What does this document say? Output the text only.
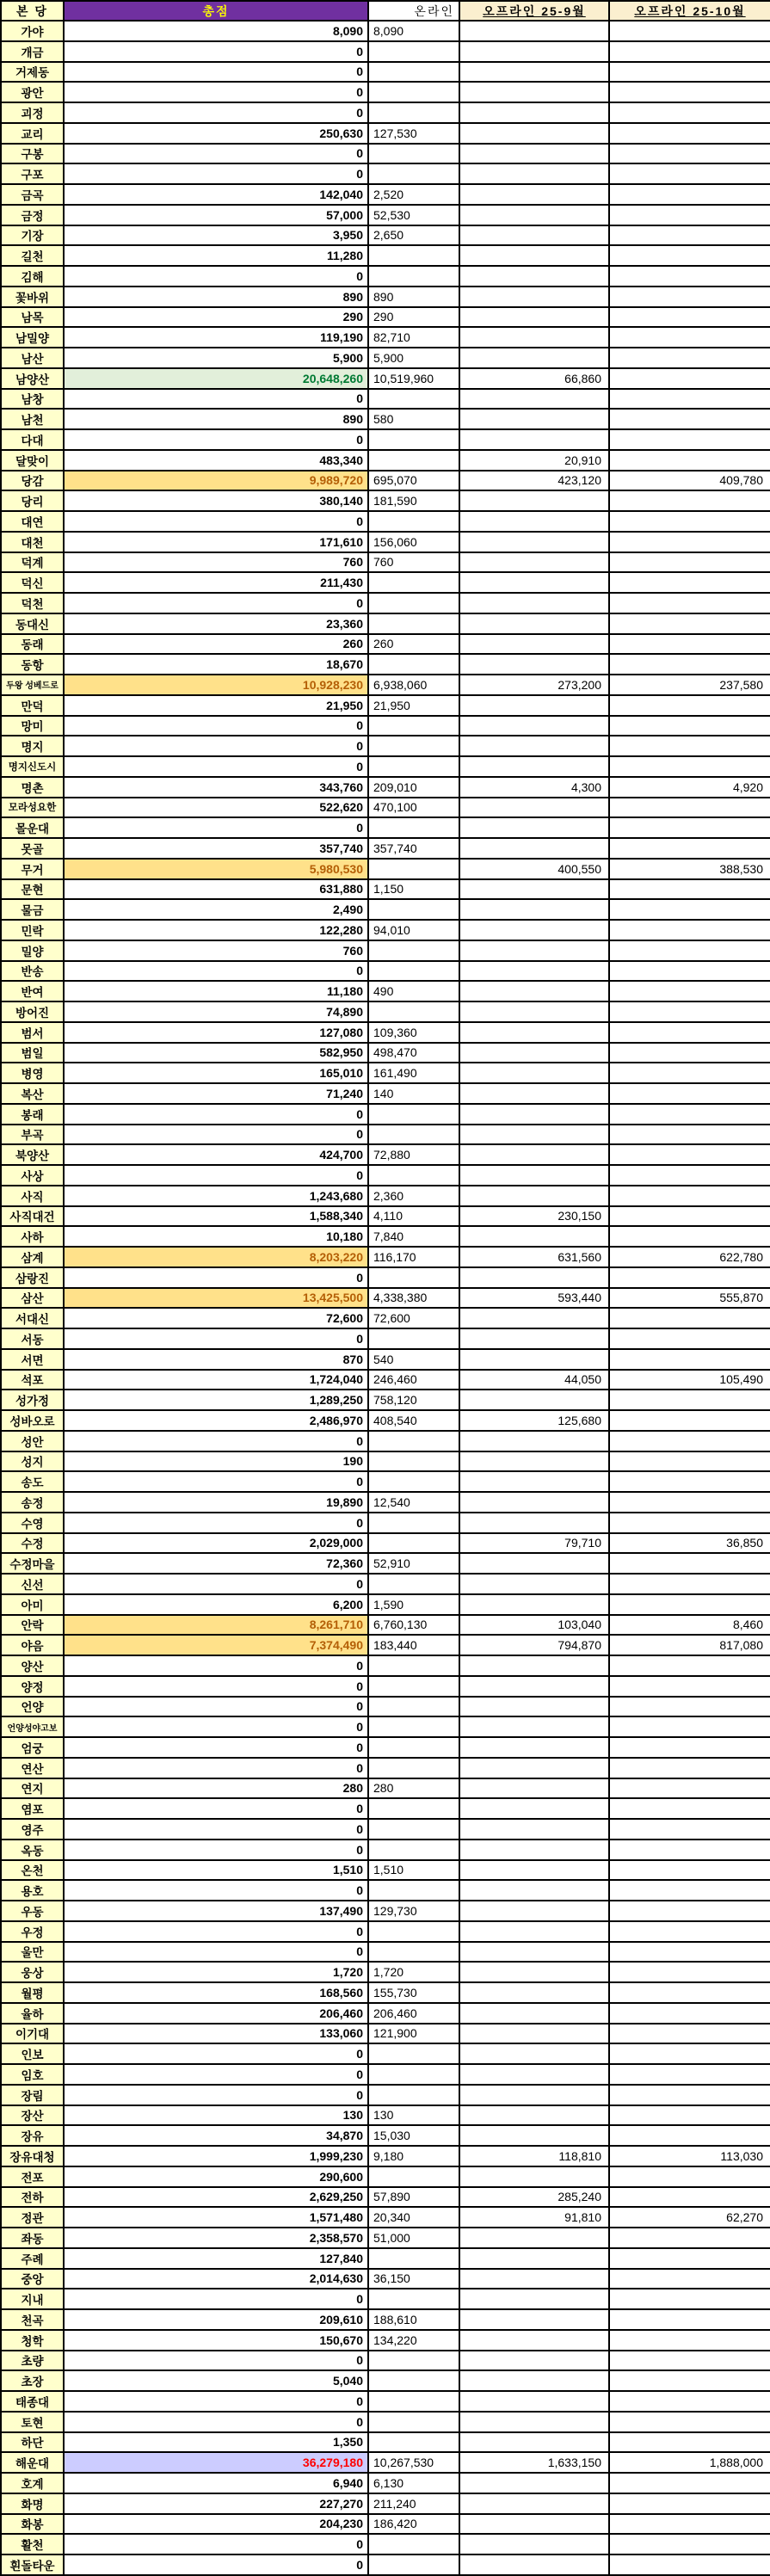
본 당	총점	온라인	오프라인 25-9월	오프라인 25-10월
가야	8,090	8,090		
개금	0			
거제동	0			
광안	0			
괴정	0			
교리	250,630	127,530		
구봉	0			
구포	0			
금곡	142,040	2,520		
금정	57,000	52,530		
기장	3,950	2,650		
길천	11,280			
김해	0			
꽃바위	890	890		
남목	290	290		
남밀양	119,190	82,710		
남산	5,900	5,900		
남양산	20,648,260	10,519,960	66,860	
남창	0			
남천	890	580		
다대	0			
달맞이	483,340		20,910	
당감	9,989,720	695,070	423,120	409,780
당리	380,140	181,590		
대연	0			
대천	171,610	156,060		
덕계	760	760		
덕신	211,430			
덕천	0			
동대신	23,360			
동래	260	260		
동항	18,670			
두왕 성베드로	10,928,230	6,938,060	273,200	237,580
만덕	21,950	21,950		
망미	0			
명지	0			
명지신도시	0			
명촌	343,760	209,010	4,300	4,920
모라성요한	522,620	470,100		
몰운대	0			
못골	357,740	357,740		
무거	5,980,530		400,550	388,530
문현	631,880	1,150		
물금	2,490			
민락	122,280	94,010		
밀양	760			
반송	0			
반여	11,180	490		
방어진	74,890			
범서	127,080	109,360		
범일	582,950	498,470		
병영	165,010	161,490		
복산	71,240	140		
봉래	0			
부곡	0			
북양산	424,700	72,880		
사상	0			
사직	1,243,680	2,360		
사직대건	1,588,340	4,110	230,150	
사하	10,180	7,840		
삼계	8,203,220	116,170	631,560	622,780
삼랑진	0			
삼산	13,425,500	4,338,380	593,440	555,870
서대신	72,600	72,600		
서동	0			
서면	870	540		
석포	1,724,040	246,460	44,050	105,490
성가정	1,289,250	758,120		
성바오로	2,486,970	408,540	125,680	
성안	0			
성지	190			
송도	0			
송정	19,890	12,540		
수영	0			
수정	2,029,000		79,710	36,850
수정마을	72,360	52,910		
신선	0			
아미	6,200	1,590		
안락	8,261,710	6,760,130	103,040	8,460
야음	7,374,490	183,440	794,870	817,080
양산	0			
양정	0			
언양	0			
언양성야고보	0			
엄궁	0			
연산	0			
연지	280	280		
염포	0			
영주	0			
옥동	0			
온천	1,510	1,510		
용호	0			
우동	137,490	129,730		
우정	0			
울만	0			
웅상	1,720	1,720		
월평	168,560	155,730		
율하	206,460	206,460		
이기대	133,060	121,900		
인보	0			
임호	0			
장림	0			
장산	130	130		
장유	34,870	15,030		
장유대청	1,999,230	9,180	118,810	113,030
전포	290,600			
전하	2,629,250	57,890	285,240	
정관	1,571,480	20,340	91,810	62,270
좌동	2,358,570	51,000		
주례	127,840			
중앙	2,014,630	36,150		
지내	0			
천곡	209,610	188,610		
청학	150,670	134,220		
초량	0			
초장	5,040			
태종대	0			
토현	0			
하단	1,350			
해운대	36,279,180	10,267,530	1,633,150	1,888,000
호계	6,940	6,130		
화명	227,270	211,240		
화봉	204,230	186,420		
활천	0			
흰돌타운	0			
